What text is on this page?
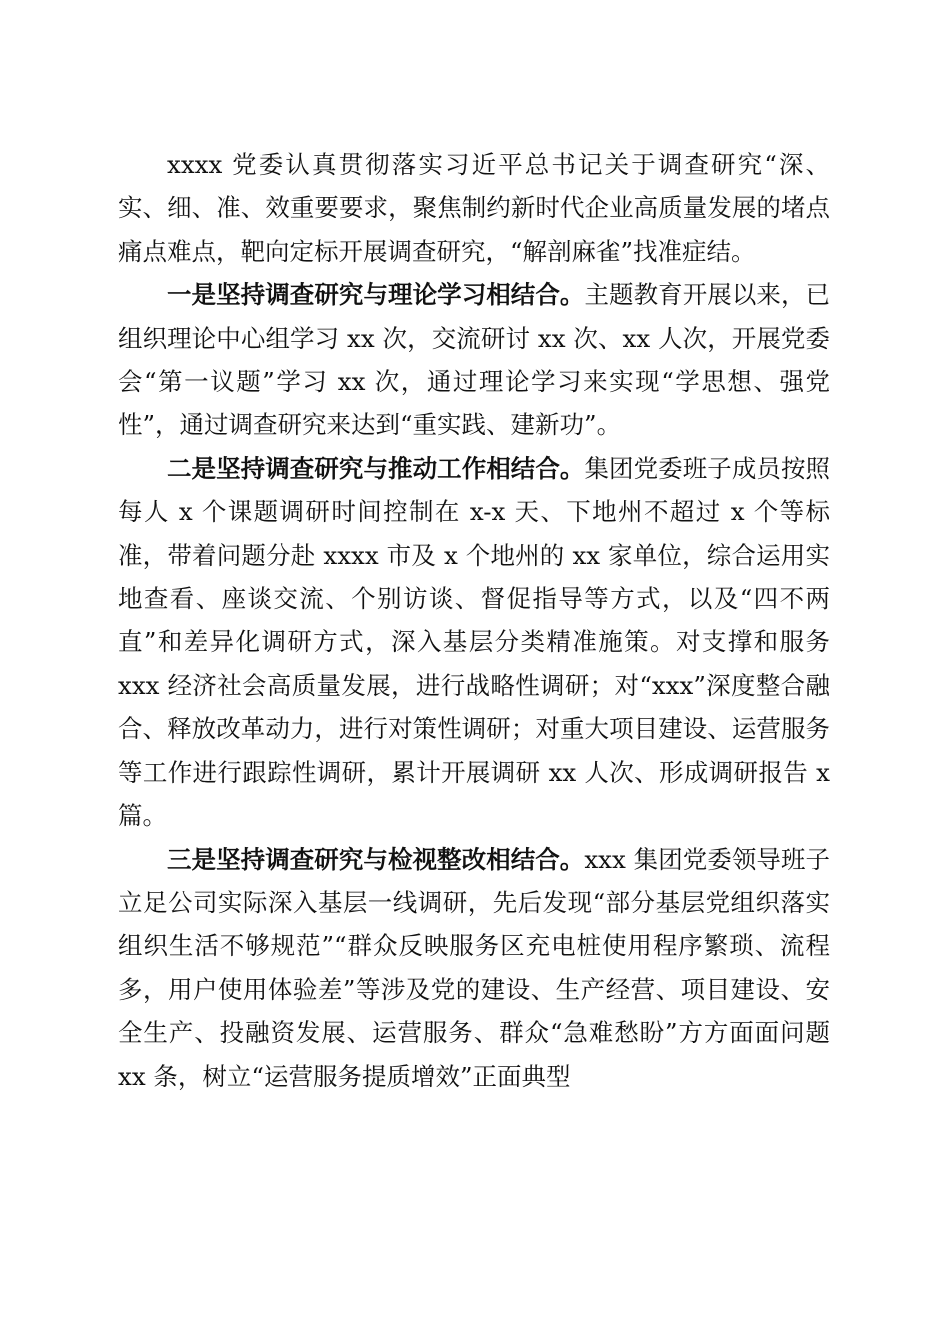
xxxx 党委认真贯彻落实习近平总书记关于调查研究“深、实、细、准、效重要要求，聚焦制约新时代企业高质量发展的堵点痛点难点，靶向定标开展调查研究，“解剖麻雀”找准症结。

一是坚持调查研究与理论学习相结合。主题教育开展以来，已组织理论中心组学习 xx 次，交流研讨 xx 次、xx 人次，开展党委会“第一议题”学习 xx 次，通过理论学习来实现“学思想、强党性”，通过调查研究来达到“重实践、建新功”。

二是坚持调查研究与推动工作相结合。集团党委班子成员按照每人 x 个课题调研时间控制在 x-x 天、下地州不超过 x 个等标准，带着问题分赴 xxxx 市及 x 个地州的 xx 家单位，综合运用实地查看、座谈交流、个别访谈、督促指导等方式，以及“四不两直”和差异化调研方式，深入基层分类精准施策。对支撑和服务 xxx 经济社会高质量发展，进行战略性调研；对“xxx”深度整合融合、释放改革动力，进行对策性调研；对重大项目建设、运营服务等工作进行跟踪性调研，累计开展调研 xx 人次、形成调研报告 x 篇。

三是坚持调查研究与检视整改相结合。xxx 集团党委领导班子立足公司实际深入基层一线调研，先后发现“部分基层党组织落实组织生活不够规范”“群众反映服务区充电桩使用程序繁琐、流程多，用户使用体验差”等涉及党的建设、生产经营、项目建设、安全生产、投融资发展、运营服务、群众“急难愁盼”方方面面问题 xx 条，树立“运营服务提质增效”正面典型
